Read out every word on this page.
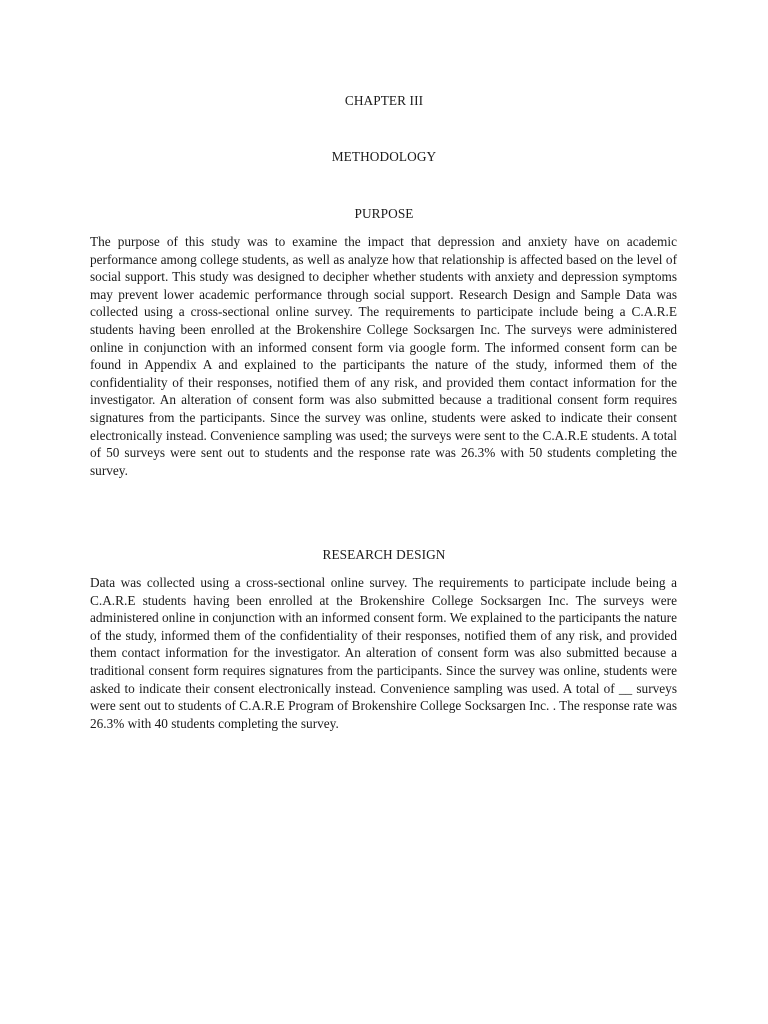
CHAPTER III
METHODOLOGY
PURPOSE

The purpose of this study was to examine the impact that depression and anxiety have on academic performance among college students, as well as analyze how that relationship is affected based on the level of social support. This study was designed to decipher whether students with anxiety and depression symptoms may prevent lower academic performance through social support. Research Design and Sample Data was collected using a cross-sectional online survey. The requirements to participate include being a C.A.R.E students having been enrolled at the Brokenshire College Socksargen Inc. The surveys were administered online in conjunction with an informed consent form via google form. The informed consent form can be found in Appendix A and explained to the participants the nature of the study, informed them of the confidentiality of their responses, notified them of any risk, and provided them contact information for the investigator. An alteration of consent form was also submitted because a traditional consent form requires signatures from the participants. Since the survey was online, students were asked to indicate their consent electronically instead. Convenience sampling was used; the surveys were sent to the C.A.R.E students. A total of 50 surveys were sent out to students and the response rate was 26.3% with 50 students completing the survey.

RESEARCH DESIGN

Data was collected using a cross-sectional online survey. The requirements to participate include being a C.A.R.E students having been enrolled at the Brokenshire College Socksargen Inc. The surveys were administered online in conjunction with an informed consent form. We explained to the participants the nature of the study, informed them of the confidentiality of their responses, notified them of any risk, and provided them contact information for the investigator. An alteration of consent form was also submitted because a traditional consent form requires signatures from the participants. Since the survey was online, students were asked to indicate their consent electronically instead. Convenience sampling was used. A total of __ surveys were sent out to students of C.A.R.E Program of Brokenshire College Socksargen Inc. . The response rate was 26.3% with 40 students completing the survey.
